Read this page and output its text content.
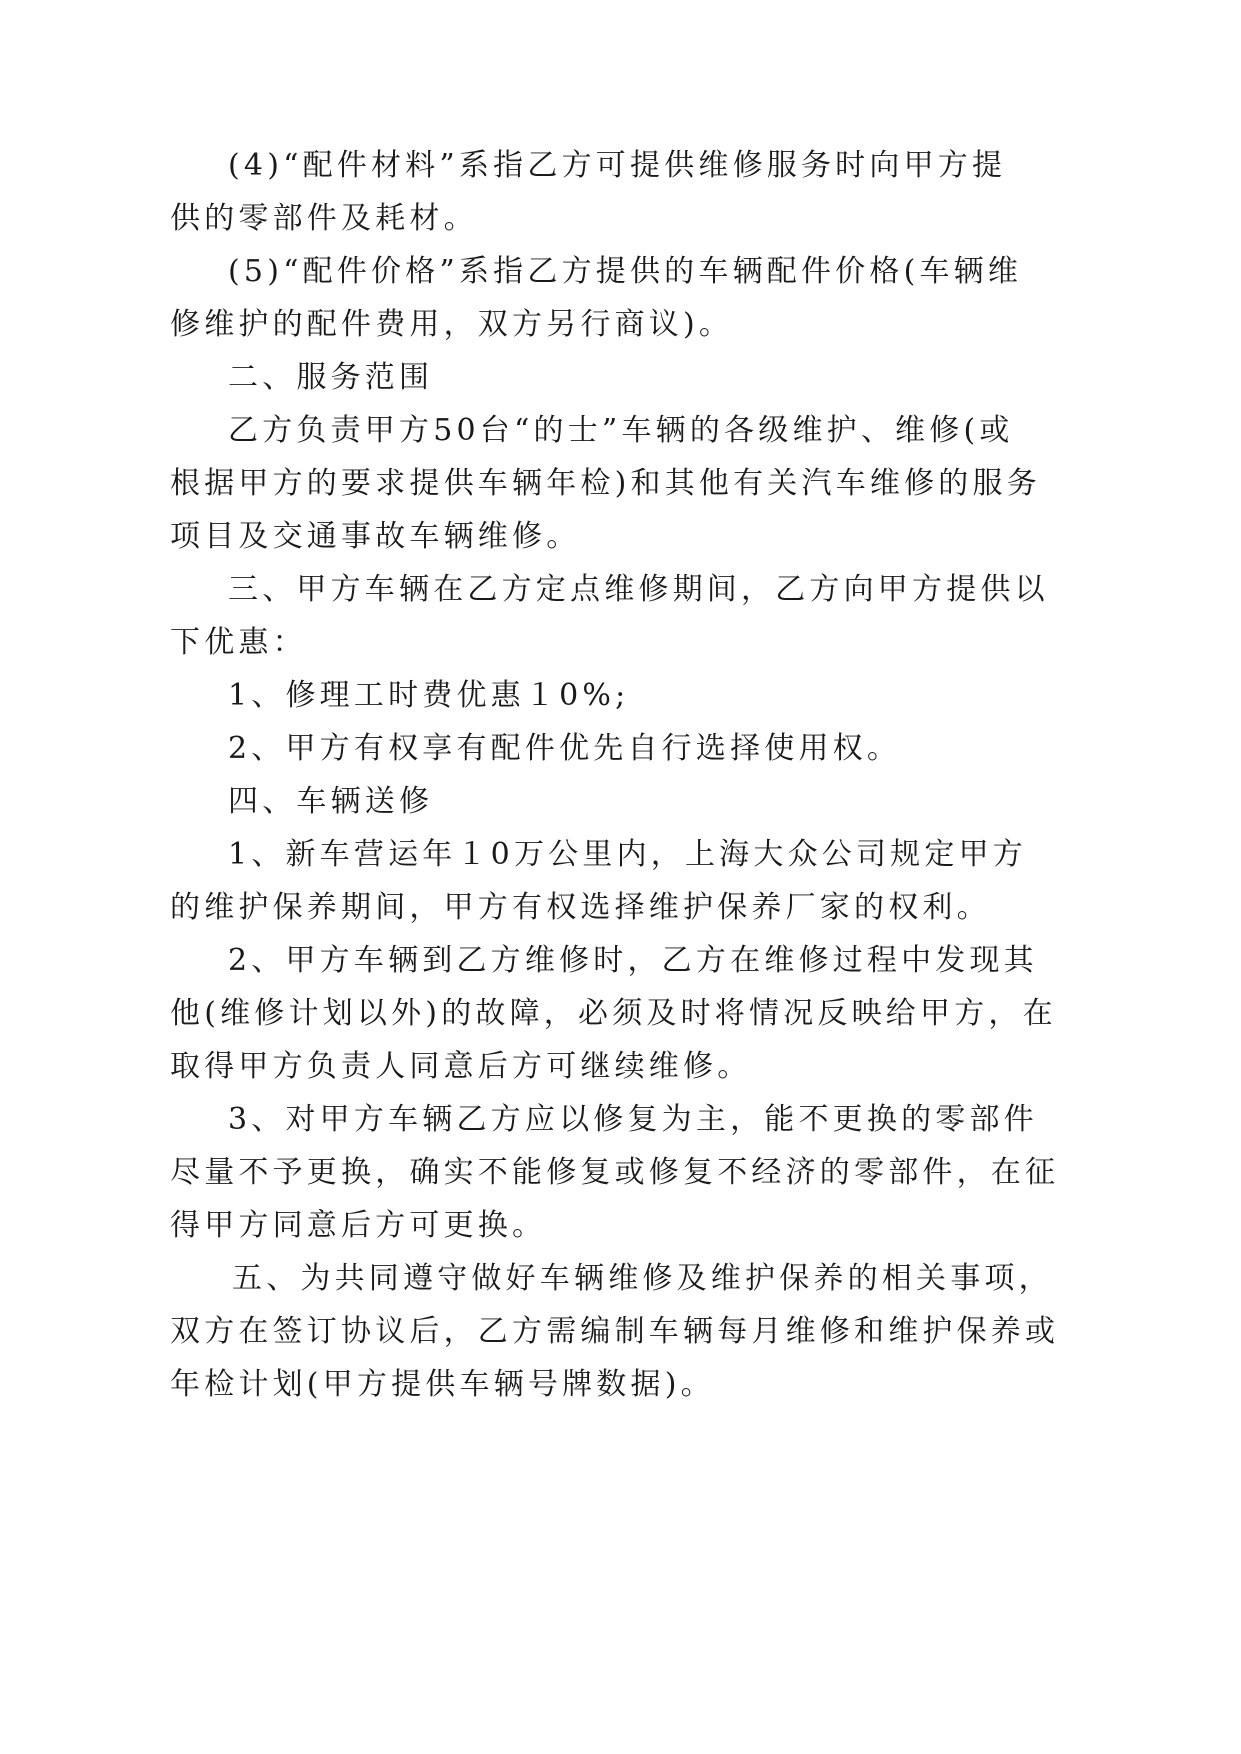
(4)“配件材料”系指乙方可提供维修服务时向甲方提
供的零部件及耗材。
(5)“配件价格”系指乙方提供的车辆配件价格(车辆维
修维护的配件费用，双方另行商议)。
二、服务范围
乙方负责甲方50台“的士”车辆的各级维护、维修(或
根据甲方的要求提供车辆年检)和其他有关汽车维修的服务
项目及交通事故车辆维修。
三、甲方车辆在乙方定点维修期间，乙方向甲方提供以
下优惠：
1、修理工时费优惠１0%;
2、甲方有权享有配件优先自行选择使用权。
四、车辆送修
1、新车营运年１0万公里内，上海大众公司规定甲方
的维护保养期间，甲方有权选择维护保养厂家的权利。
2、甲方车辆到乙方维修时，乙方在维修过程中发现其
他(维修计划以外)的故障，必须及时将情况反映给甲方，在
取得甲方负责人同意后方可继续维修。
3、对甲方车辆乙方应以修复为主，能不更换的零部件
尽量不予更换，确实不能修复或修复不经济的零部件，在征
得甲方同意后方可更换。
五、为共同遵守做好车辆维修及维护保养的相关事项，
双方在签订协议后，乙方需编制车辆每月维修和维护保养或
年检计划(甲方提供车辆号牌数据)。
